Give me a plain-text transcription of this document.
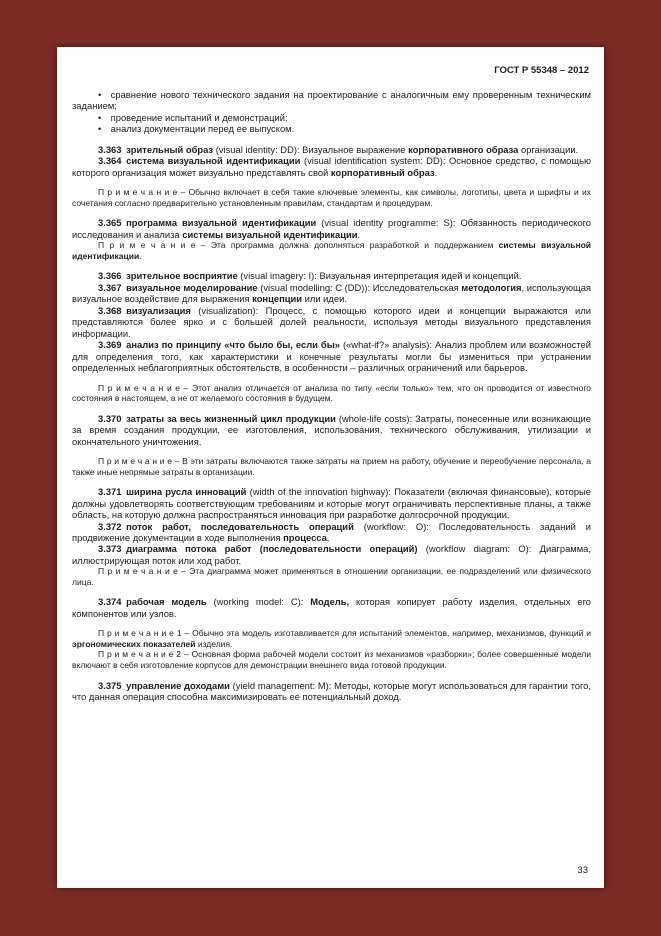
ГОСТ Р 55348 – 2012

• сравнение нового технического задания на проектирование с аналогичным ему проверенным техническим заданием;

• проведение испытаний и демонстраций;

• анализ документации перед ее выпуском.

3.363 зрительный образ (visual identity: DD): Визуальное выражение корпоративного образа организации.

3.364 система визуальной идентификации (visual identification system: DD): Основное средство, с помощью которого организация может визуально представлять свой корпоративный образ.

П р и м е ч а н и е – Обычно включает в себя такие ключевые элементы, как символы, логотипы, цвета и шрифты и их сочетания согласно предварительно установленным правилам, стандартам и процедурам.

3.365 программа визуальной идентификации (visual identity programme: S): Обязанность периодического исследования и анализа системы визуальной идентификации.

П р и м е ч а н и е – Эта программа должна дополняться разработкой и поддержанием системы визуальной идентификации.

3.366 зрительное восприятие (visual imagery: I): Визуальная интерпретация идей и концепций.

3.367 визуальное моделирование (visual modelling: C (DD)): Исследовательская методология, использующая визуальное воздействие для выражения концепции или идеи.

3.368 визуализация (visualization): Процесс, с помощью которого идеи и концепции выражаются или представляются более ярко и с большей долей реальности, используя методы визуального представления информации.

3.369 анализ по принципу «что было бы, если бы» («what-if?» analysis): Анализ проблем или возможностей для определения того, как характеристики и конечные результаты могли бы измениться при устранении определенных неблагоприятных обстоятельств, в особенности – различных ограничений или барьеров.

П р и м е ч а н и е – Этот анализ отличается от анализа по типу «если только» тем, что он проводится от известного состояния в настоящем, а не от желаемого состояния в будущем.

3.370 затраты за весь жизненный цикл продукции (whole-life costs): Затраты, понесенные или возникающие за время создания продукции, ее изготовления, использования, технического обслуживания, утилизации и окончательного уничтожения.

П р и м е ч а н и е – В эти затраты включаются также затраты на прием на работу, обучение и переобучение персонала, а также иные непрямые затраты в организации.

3.371 ширина русла инноваций (width of the innovation highway): Показатели (включая финансовые), которые должны удовлетворять соответствующим требованиям и которые могут ограничивать перспективные планы, а также область, на которую должна распространяться инновация при разработке долгосрочной продукции.

3.372 поток работ, последовательность операций (workflow: O): Последовательность заданий и продвижение документации в ходе выполнения процесса.

3.373 диаграмма потока работ (последовательности операций) (workflow diagram: O): Диаграмма, иллюстрирующая поток или ход работ.

П р и м е ч а н и е – Эта диаграмма может применяться в отношении организации, ее подразделений или физического лица.

3.374 рабочая модель (working model: C): Модель, которая копирует работу изделия, отдельных его компонентов или узлов.

П р и м е ч а н и е 1 – Обычно эта модель изготавливается для испытаний элементов, например, механизмов, функций и эргономических показателей изделия.

П р и м е ч а н и е 2 – Основная форма рабочей модели состоит из механизмов «разборки»; более совершенные модели включают в себя изготовление корпусов для демонстрации внешнего вида готовой продукции.

3.375 управление доходами (yield management: M): Методы, которые могут использоваться для гарантии того, что данная операция способна максимизировать ее потенциальный доход.

33
